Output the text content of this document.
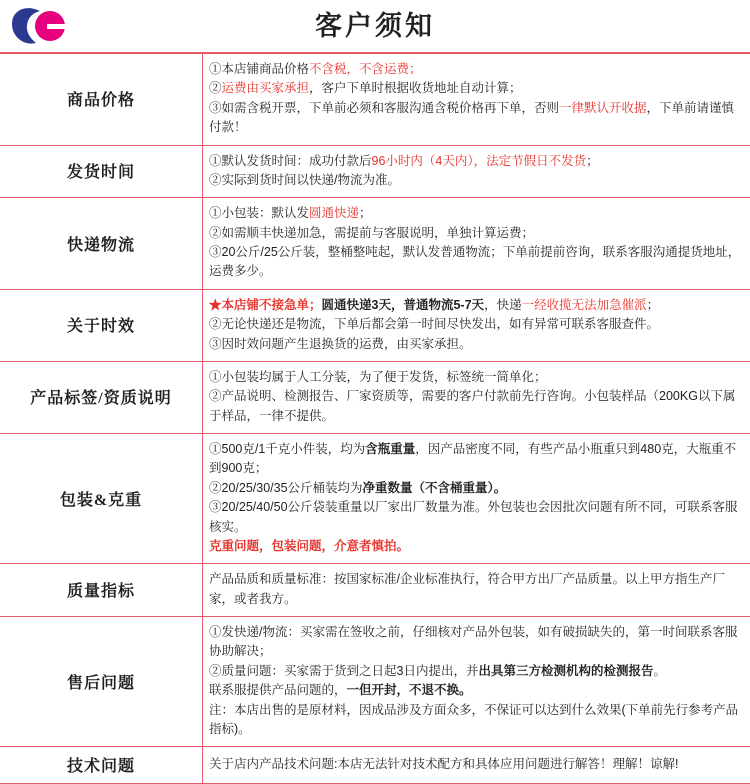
客户须知
商品价格	①本店铺商品价格不含税，不含运费；
②运费由买家承担，客户下单时根据收货地址自动计算；
③如需含税开票，下单前必须和客服沟通含税价格再下单，否则一律默认开收据，下单前请谨慎付款！

发货时间	①默认发货时间：成功付款后96小时内（4天内），法定节假日不发货；
②实际到货时间以快递/物流为准。

快递物流	①小包装：默认发圆通快递；
②如需顺丰快递加急，需提前与客服说明，单独计算运费；
③20公斤/25公斤装，整桶整吨起，默认发普通物流；下单前提前咨询，联系客服沟通提货地址，运费多少。

关于时效	★本店铺不接急单；圆通快递3天，普通物流5-7天，快递一经收揽无法加急催派；
②无论快递还是物流，下单后都会第一时间尽快发出，如有异常可联系客服查件。
③因时效问题产生退换货的运费，由买家承担。

产品标签/资质说明	①小包装均属于人工分装，为了便于发货，标签统一简单化；
②产品说明、检测报告、厂家资质等，需要的客户付款前先行咨询。小包装样品（200KG以下属于样品，一律不提供。

包装&克重	①500克/1千克小件装，均为含瓶重量，因产品密度不同，有些产品小瓶重只到480克，大瓶重不到900克；
②20/25/30/35公斤桶装均为净重数量（不含桶重量）。
③20/25/40/50公斤袋装重量以厂家出厂数量为准。外包装也会因批次问题有所不同，可联系客服核实。
克重问题，包装问题，介意者慎拍。

质量指标	产品品质和质量标准：按国家标准/企业标准执行，符合甲方出厂产品质量。以上甲方指生产厂家，或者我方。

售后问题	①发快递/物流：买家需在签收之前，仔细核对产品外包装，如有破损缺失的，第一时间联系客服协助解决；
②质量问题：买家需于货到之日起3日内提出，并出具第三方检测机构的检测报告。
联系服提供产品问题的，一但开封，不退不换。
注：本店出售的是原材料，因成品涉及方面众多，不保证可以达到什么效果(下单前先行参考产品指标)。

技术问题	关于店内产品技术问题:本店无法针对技术配方和具体应用问题进行解答！理解！谅解!
